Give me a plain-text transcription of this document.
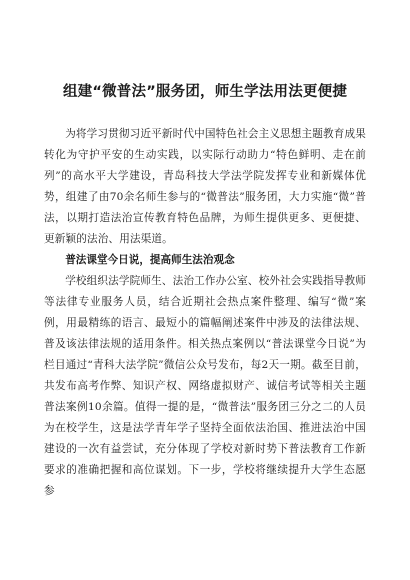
组建“微普法”服务团，师生学法用法更便捷

为将学习贯彻习近平新时代中国特色社会主义思想主题教育成果转化为守护平安的生动实践，以实际行动助力“特色鲜明、走在前列”的高水平大学建设，青岛科技大学法学院发挥专业和新媒体优势，组建了由70余名师生参与的“微普法”服务团，大力实施“微”普法，以期打造法治宣传教育特色品牌，为师生提供更多、更便捷、更新颖的法治、用法渠道。

普法课堂今日说，提高师生法治观念

学校组织法学院师生、法治工作办公室、校外社会实践指导教师等法律专业服务人员，结合近期社会热点案件整理、编写“微”案例，用最精练的语言、最短小的篇幅阐述案件中涉及的法律法规、普及该法律法规的适用条件。相关热点案例以“普法课堂今日说”为栏目通过“青科大法学院”微信公众号发布，每2天一期。截至目前，共发布高考作弊、知识产权、网络虚拟财产、诚信考试等相关主题普法案例10余篇。值得一提的是，“微普法”服务团三分之二的人员为在校学生，这是法学青年学子坚持全面依法治国、推进法治中国建设的一次有益尝试，充分体现了学校对新时势下普法教育工作新要求的准确把握和高位谋划。下一步，学校将继续提升大学生态愿参
